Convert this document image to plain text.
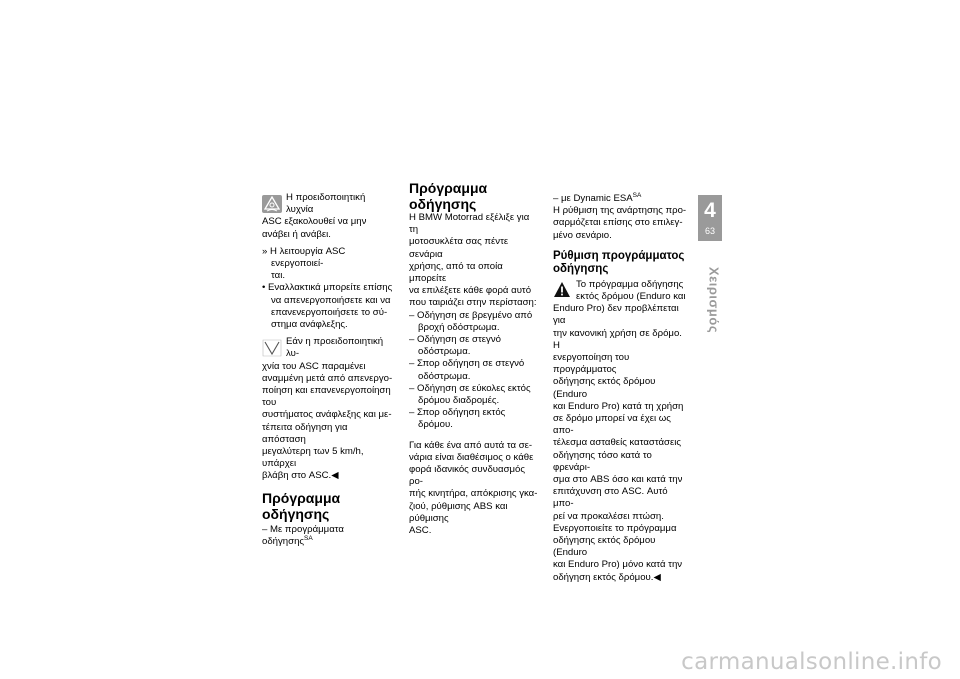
Η προειδοποιητική λυχνία

ASC εξακολουθεί να μην

ανάβει ή ανάβει.

» Η λειτουργία ASC ενεργοποιεί-

ται.

• Εναλλακτικά μπορείτε επίσης

να απενεργοποιήσετε και να

επανενεργοποιήσετε το σύ-

στημα ανάφλεξης.

Εάν η προειδοποιητική λυ-

χνία του ASC παραμένει

αναμμένη μετά από απενεργο-

ποίηση και επανενεργοποίηση του

συστήματος ανάφλεξης και με-

τέπειτα οδήγηση για απόσταση

μεγαλύτερη των 5 km/h, υπάρχει

βλάβη στο ASC.◀

Πρόγραμμα οδήγησης

– Με προγράμματα οδήγησης$^{SA}$

Πρόγραμμα οδήγησης

Η BMW Motorrad εξέλιξε για τη

μοτοσυκλέτα σας πέντε σενάρια

χρήσης, από τα οποία μπορείτε

να επιλέξετε κάθε φορά αυτό

που ταιριάζει στην περίσταση:

– Οδήγηση σε βρεγμένο από

βροχή οδόστρωμα.

– Οδήγηση σε στεγνό

οδόστρωμα.

– Σπορ οδήγηση σε στεγνό

οδόστρωμα.

– Οδήγηση σε εύκολες εκτός

δρόμου διαδρομές.

– Σπορ οδήγηση εκτός δρόμου.

Για κάθε ένα από αυτά τα σε-

νάρια είναι διαθέσιμος ο κάθε

φορά ιδανικός συνδυασμός ρο-

πής κινητήρα, απόκρισης γκα-

ζιού, ρύθμισης ABS και ρύθμισης

ASC.

– με Dynamic $ESA^{SA}$

Η ρύθμιση της ανάρτησης προ-

σαρμόζεται επίσης στο επιλεγ-

μένο σενάριο.

Ρύθμιση προγράμματος
οδήγησης

Το πρόγραμμα οδήγησης

εκτός δρόμου (Enduro και

Enduro Pro) δεν προβλέπεται για

την κανονική χρήση σε δρόμο. Η

ενεργοποίηση του προγράμματος

οδήγησης εκτός δρόμου (Enduro

και Enduro Pro) κατά τη χρήση

σε δρόμο μπορεί να έχει ως απο-

τέλεσμα ασταθείς καταστάσεις

οδήγησης τόσο κατά το φρενάρι-

σμα στο ABS όσο και κατά την

επιτάχυνση στο ASC. Αυτό μπο-

ρεί να προκαλέσει πτώση.

Ενεργοποιείτε το πρόγραμμα

οδήγησης εκτός δρόμου (Enduro

και Enduro Pro) μόνο κατά την

οδήγηση εκτός δρόμου.◀

4
63
Χειρισμός
carmanualsonline.info
